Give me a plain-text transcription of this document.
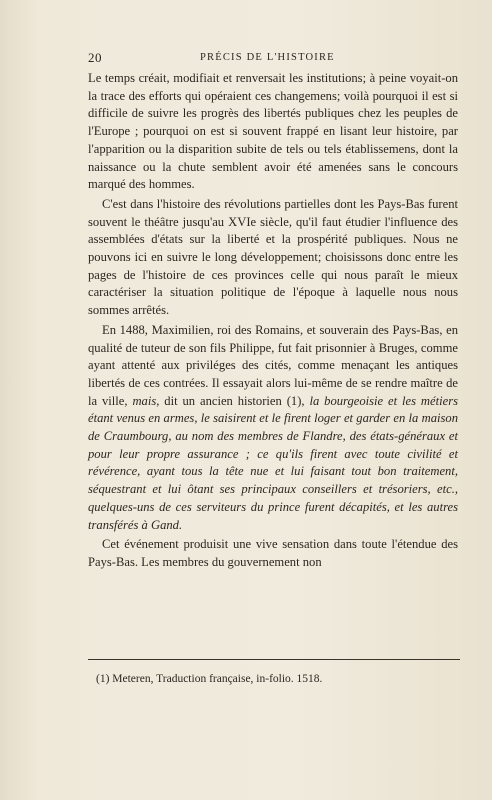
20	PRÉCIS DE L'HISTOIRE

Le temps créait, modifiait et renversait les institutions; à peine voyait-on la trace des efforts qui opéraient ces changemens; voilà pourquoi il est si difficile de suivre les progrès des libertés publiques chez les peuples de l'Europe ; pourquoi on est si souvent frappé en lisant leur histoire, par l'apparition ou la disparition subite de tels ou tels établissemens, dont la naissance ou la chute semblent avoir été amenées sans le concours marqué des hommes.

C'est dans l'histoire des révolutions partielles dont les Pays-Bas furent souvent le théâtre jusqu'au XVIe siècle, qu'il faut étudier l'influence des assemblées d'états sur la liberté et la prospérité publiques. Nous ne pouvons ici en suivre le long développement; choisissons donc entre les pages de l'histoire de ces provinces celle qui nous paraît le mieux caractériser la situation politique de l'époque à laquelle nous nous sommes arrêtés.

En 1488, Maximilien, roi des Romains, et souverain des Pays-Bas, en qualité de tuteur de son fils Philippe, fut fait prisonnier à Bruges, comme ayant attenté aux priviléges des cités, comme menaçant les antiques libertés de ces contrées. Il essayait alors lui-même de se rendre maître de la ville, mais, dit un ancien historien (1), la bourgeoisie et les métiers étant venus en armes, le saisirent et le firent loger et garder en la maison de Craumbourg, au nom des membres de Flandre, des états-généraux et pour leur propre assurance ; ce qu'ils firent avec toute civilité et révérence, ayant tous la tête nue et lui faisant tout bon traitement, séquestrant et lui ôtant ses principaux conseillers et trésoriers, etc., quelques-uns de ces serviteurs du prince furent décapités, et les autres transférés à Gand.

Cet événement produisit une vive sensation dans toute l'étendue des Pays-Bas. Les membres du gouvernement non

(1) Meteren, Traduction française, in-folio. 1518.
